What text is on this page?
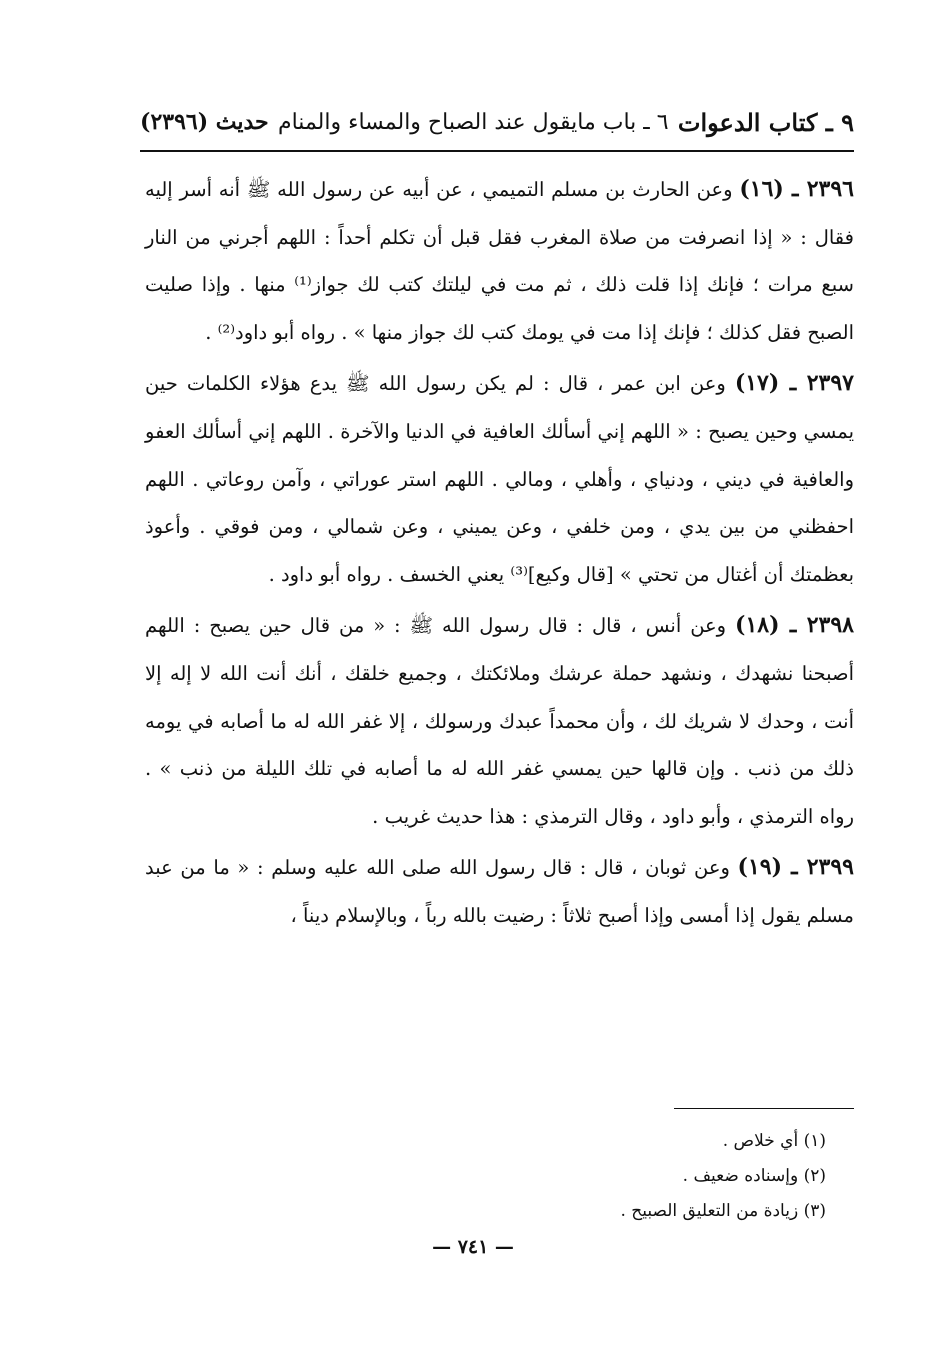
٩ ـ كتاب الدعوات
٦ ـ باب مايقول عند الصباح والمساء والمنام
حديث (٢٣٩٦)

٢٣٩٦ ـ (١٦) وعن الحارث بن مسلم التميمي ، عن أبيه عن رسول الله ﷺ أنه أسر إليه فقال : « إذا انصرفت من صلاة المغرب فقل قبل أن تكلم أحداً : اللهم أجرني من النار سبع مرات ؛ فإنك إذا قلت ذلك ، ثم مت في ليلتك كتب لك جواز⁽¹⁾ منها . وإذا صليت الصبح فقل كذلك ؛ فإنك إذا مت في يومك كتب لك جواز منها » . رواه أبو داود⁽²⁾ .

٢٣٩٧ ـ (١٧) وعن ابن عمر ، قال : لم يكن رسول الله ﷺ يدع هؤلاء الكلمات حين يمسي وحين يصبح : « اللهم إني أسألك العافية في الدنيا والآخرة . اللهم إني أسألك العفو والعافية في ديني ، ودنياي ، وأهلي ، ومالي . اللهم استر عوراتي ، وآمن روعاتي . اللهم احفظني من بين يدي ، ومن خلفي ، وعن يميني ، وعن شمالي ، ومن فوقي . وأعوذ بعظمتك أن أغتال من تحتي » [قال وكيع]⁽³⁾ يعني الخسف . رواه أبو داود .

٢٣٩٨ ـ (١٨) وعن أنس ، قال : قال رسول الله ﷺ : « من قال حين يصبح : اللهم أصبحنا نشهدك ، ونشهد حملة عرشك وملائكتك ، وجميع خلقك ، أنك أنت الله لا إله إلا أنت ، وحدك لا شريك لك ، وأن محمداً عبدك ورسولك ، إلا غفر الله له ما أصابه في يومه ذلك من ذنب . وإن قالها حين يمسي غفر الله له ما أصابه في تلك الليلة من ذنب » . رواه الترمذي ، وأبو داود ، وقال الترمذي : هذا حديث غريب .

٢٣٩٩ ـ (١٩) وعن ثوبان ، قال : قال رسول الله صلى الله عليه وسلم : « ما من عبد مسلم يقول إذا أمسى وإذا أصبح ثلاثاً : رضيت بالله رباً ، وبالإسلام ديناً ،

(١) أي خلاص .
(٢) وإسناده ضعيف .
(٣) زيادة من التعليق الصبيح .
— ٧٤١ —
